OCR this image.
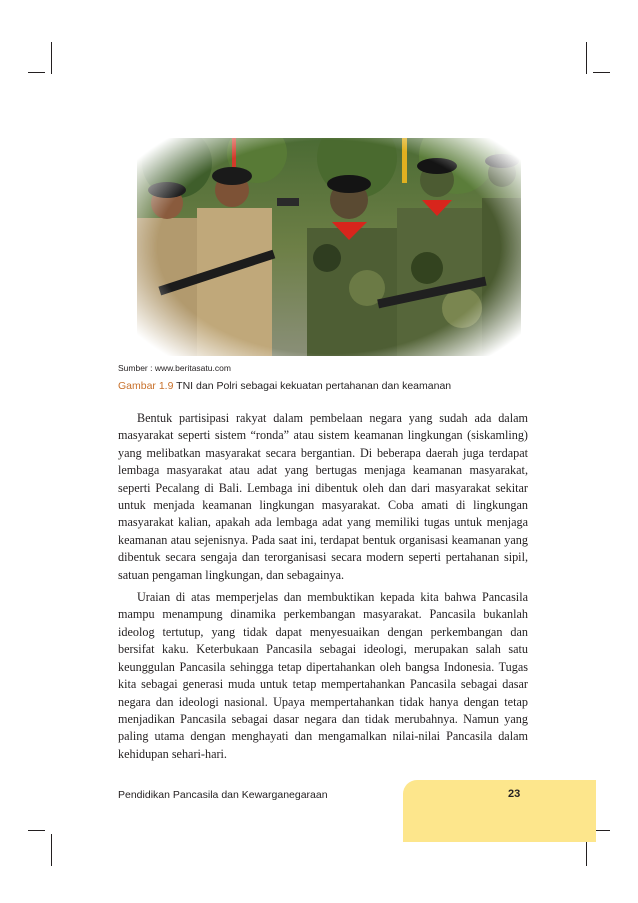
Sumber : www.beritasatu.com
Gambar 1.9 TNI dan Polri sebagai kekuatan pertahanan dan keamanan

Bentuk partisipasi rakyat dalam pembelaan negara yang sudah ada dalam masyarakat seperti sistem “ronda” atau sistem keamanan lingkungan (siskamling) yang melibatkan masyarakat secara bergantian. Di beberapa daerah juga terdapat lembaga masyarakat atau adat yang bertugas menjaga keamanan masyarakat, seperti Pecalang di Bali. Lembaga ini dibentuk oleh dan dari masyarakat sekitar untuk menjada keamanan lingkungan masyarakat. Coba amati di lingkungan masyarakat kalian, apakah ada lembaga adat yang memiliki tugas untuk menjaga keamanan atau sejenisnya. Pada saat ini, terdapat bentuk organisasi keamanan yang dibentuk secara sengaja dan terorganisasi secara modern seperti pertahanan sipil, satuan pengaman lingkungan, dan sebagainya.

Uraian di atas memperjelas dan membuktikan kepada kita bahwa Pancasila mampu menampung dinamika perkembangan masyarakat. Pancasila bukanlah ideolog tertutup, yang tidak dapat menyesuaikan dengan perkembangan dan bersifat kaku. Keterbukaan Pancasila sebagai ideologi, merupakan salah satu keunggulan Pancasila sehingga tetap dipertahankan oleh bangsa Indonesia. Tugas kita sebagai generasi muda untuk tetap mempertahankan Pancasila sebagai dasar negara dan ideologi nasional. Upaya mempertahankan tidak hanya dengan tetap menjadikan Pancasila sebagai dasar negara dan tidak merubahnya. Namun yang paling utama dengan menghayati dan mengamalkan nilai-nilai Pancasila dalam kehidupan sehari-hari.

Pendidikan Pancasila dan Kewarganegaraan	23
